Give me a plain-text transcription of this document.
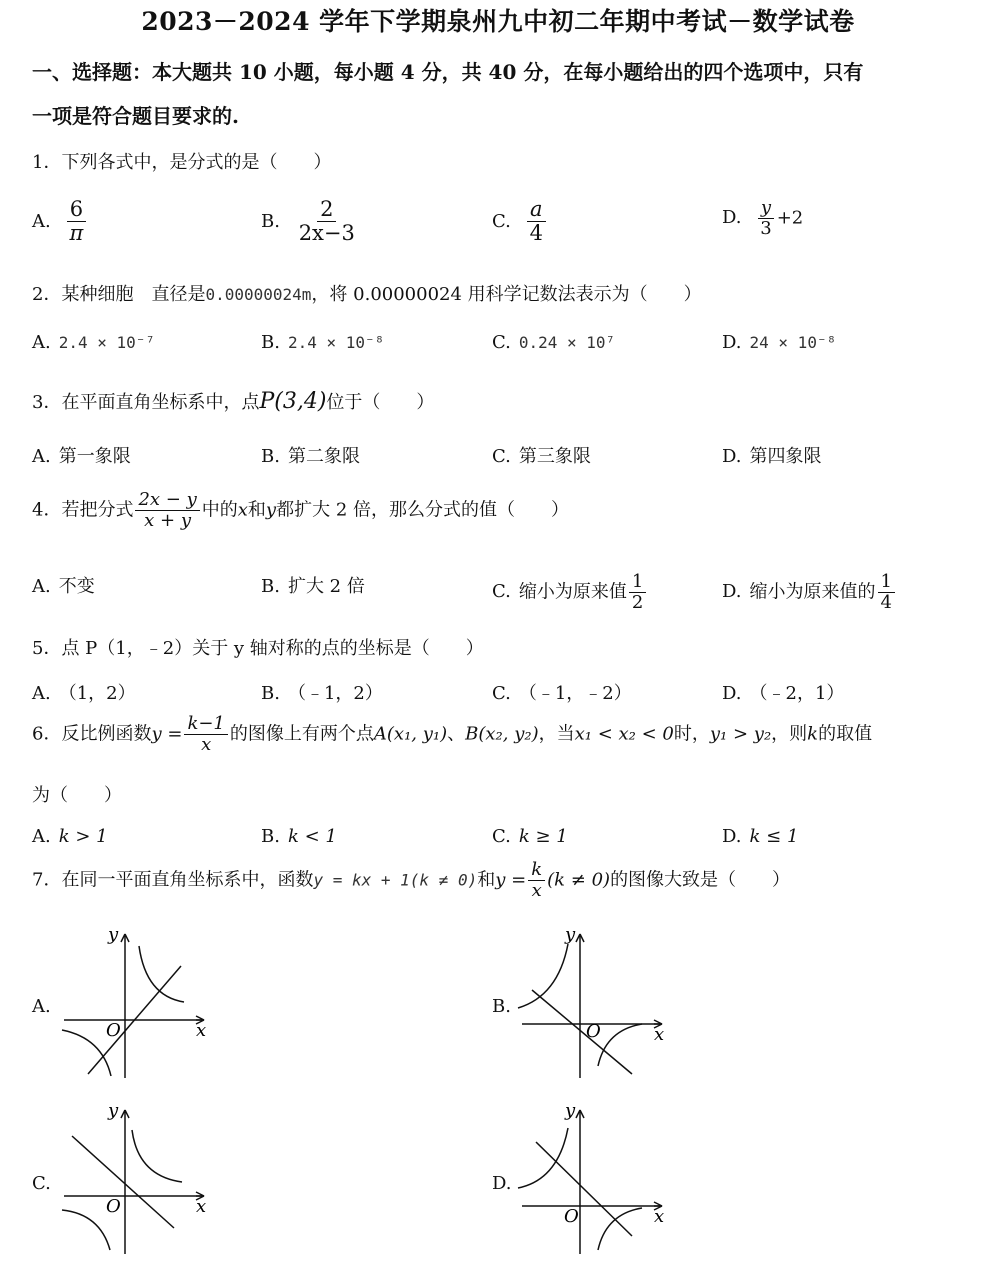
2023－2024 学年下学期泉州九中初二年期中考试－数学试卷
一、选择题：本大题共 10 小题，每小题 4 分，共 40 分，在每小题给出的四个选项中，只有
一项是符合题目要求的.
1．下列各式中，是分式的是（　　）
A. $\frac{6}{\pi}$	B. $\frac{2}{2x-3}$	C. $\frac{a}{4}$	D. $\frac{y}{3} +2$
2．某种细胞　直径是0.00000024m，将 0.00000024 用科学记数法表示为（　　）
A. 2.4 × 10⁻⁷	B. 2.4 × 10⁻⁸	C. 0.24 × 10⁷	D. 24 × 10⁻⁸
3．在平面直角坐标系中，点P(3,4)位于（　　）
A. 第一象限	B. 第二象限	C. 第三象限	D. 第四象限
4．若把分式 $\frac{2x - y}{x + y}$ 中的x和y都扩大 2 倍，那么分式的值（　　）
A. 不变	B. 扩大 2 倍	C. 缩小为原来值 $\frac{1}{2}$	D. 缩小为原来值的 $\frac{1}{4}$
5．点 P（1，﹣2）关于 y 轴对称的点的坐标是（　　）
A. （1，2）	B. （﹣1，2）	C. （﹣1，﹣2）	D. （﹣2，1）
6．反比例函数$y = \frac{k-1}{x}$ 的图像上有两个点A(x₁, y₁)、B(x₂, y₂)，当x₁ < x₂ < 0时，y₁ > y₂，则k的取值
为（　　）
A. k > 1	B. k < 1	C. k ≥ 1	D. k ≤ 1
7．在同一平面直角坐标系中，函数y = kx + 1(k ≠ 0)和$y = \frac{k}{x} (k \ne 0)$的图像大致是（　　）
A.	B.
C.	D.
y
x
O
y
x
O
y
x
O
y
x
O
